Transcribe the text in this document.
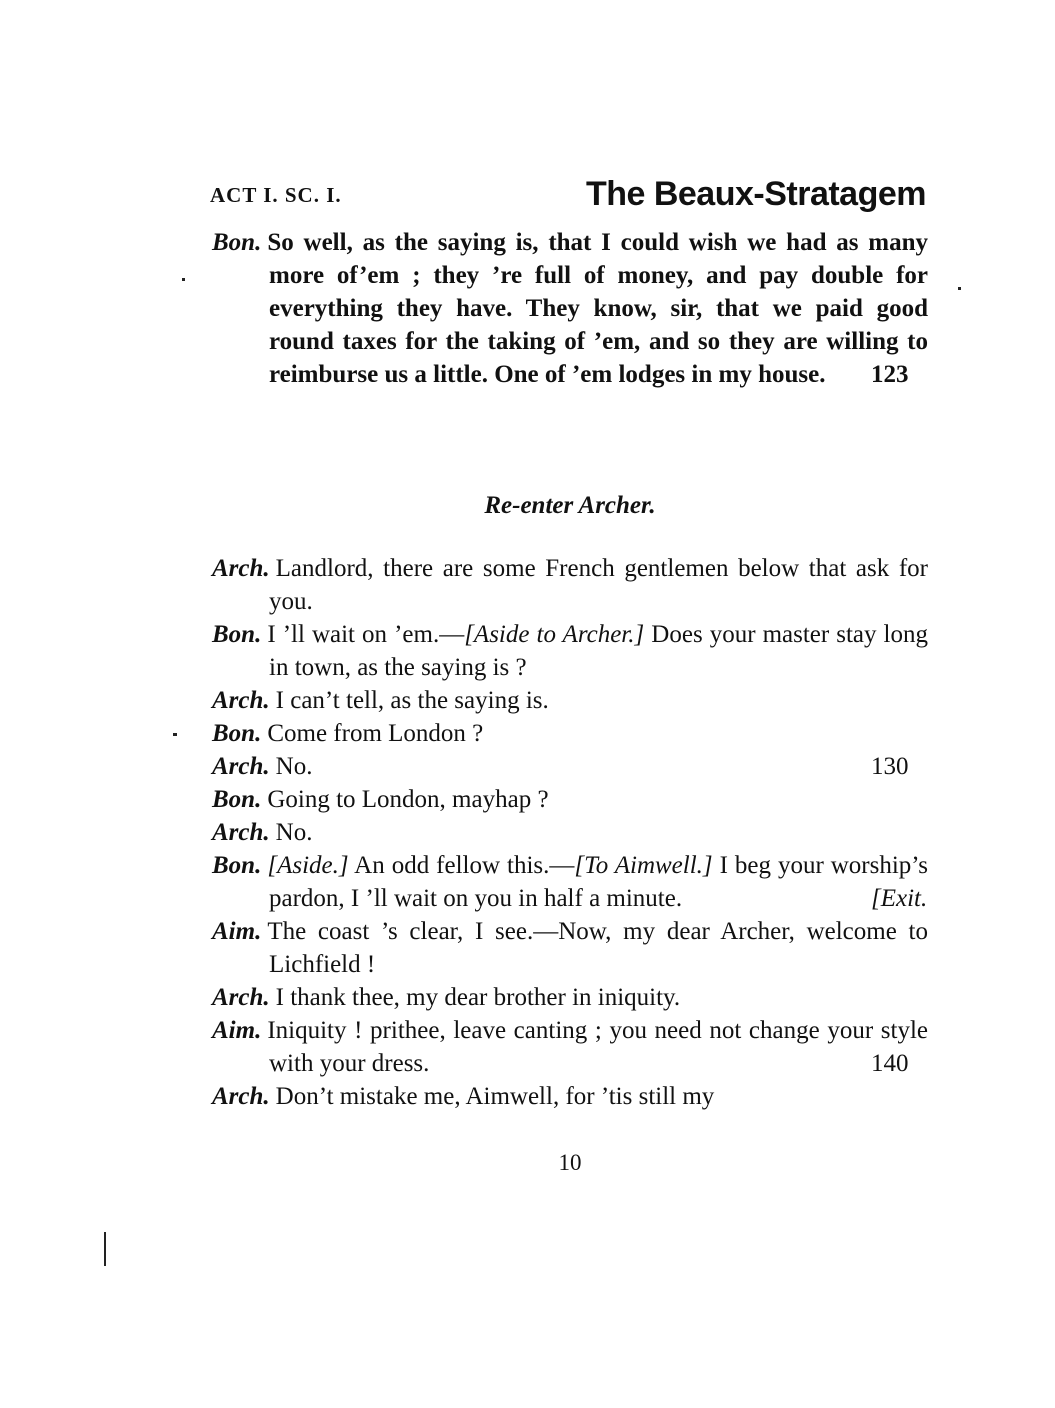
ACT I. SC. I.	The Beaux-Stratagem
Bon. So well, as the saying is, that I could wish we had as many more of’em ; they ’re full of money, and pay double for everything they have. They know, sir, that we paid good round taxes for the taking of ’em, and so they are willing to reimburse us a little. One of ’em lodges in my house. 123
Re-enter Archer.
Arch. Landlord, there are some French gentlemen below that ask for you.
Bon. I ’ll wait on ’em.—[Aside to Archer.] Does your master stay long in town, as the saying is ?
Arch. I can’t tell, as the saying is.
Bon. Come from London ?
Arch. No.	130
Bon. Going to London, mayhap ?
Arch. No.
Bon. [Aside.] An odd fellow this.—[To Aimwell.] I beg your worship’s pardon, I ’ll wait on you in half a minute.	[Exit.
Aim. The coast ’s clear, I see.—Now, my dear Archer, welcome to Lichfield !
Arch. I thank thee, my dear brother in iniquity.
Aim. Iniquity ! prithee, leave canting ; you need not change your style with your dress.	140
Arch. Don’t mistake me, Aimwell, for ’tis still my
10
